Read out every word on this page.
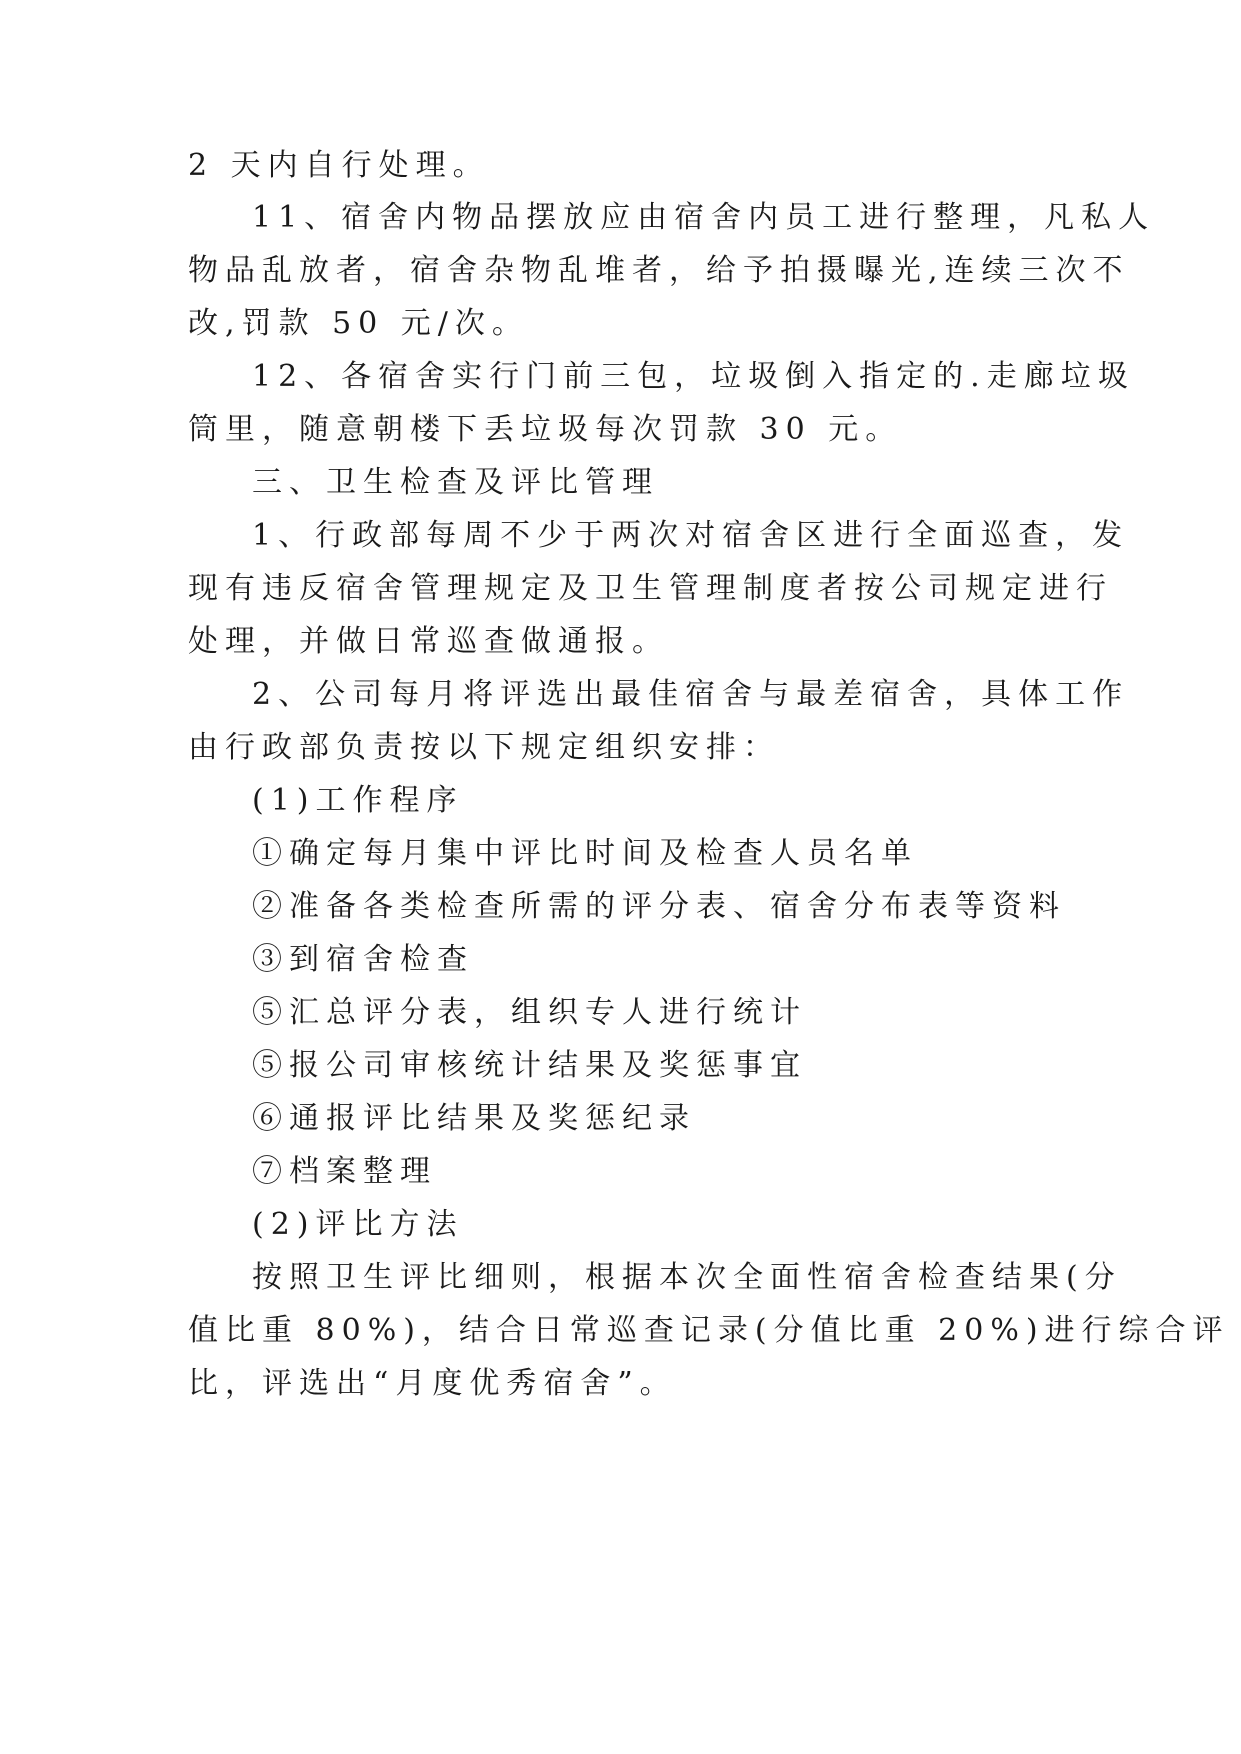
2 天内自行处理。
11、宿舍内物品摆放应由宿舍内员工进行整理，凡私人
物品乱放者，宿舍杂物乱堆者，给予拍摄曝光,连续三次不
改,罚款 50 元/次。
12、各宿舍实行门前三包，垃圾倒入指定的.走廊垃圾
筒里，随意朝楼下丢垃圾每次罚款 30 元。
三、卫生检查及评比管理
1、行政部每周不少于两次对宿舍区进行全面巡查，发
现有违反宿舍管理规定及卫生管理制度者按公司规定进行
处理，并做日常巡查做通报。
2、公司每月将评选出最佳宿舍与最差宿舍，具体工作
由行政部负责按以下规定组织安排：
(1)工作程序
①确定每月集中评比时间及检查人员名单
②准备各类检查所需的评分表、宿舍分布表等资料
③到宿舍检查
⑤汇总评分表，组织专人进行统计
⑤报公司审核统计结果及奖惩事宜
⑥通报评比结果及奖惩纪录
⑦档案整理
(2)评比方法
按照卫生评比细则，根据本次全面性宿舍检查结果(分
值比重 80%)，结合日常巡查记录(分值比重 20%)进行综合评
比，评选出“月度优秀宿舍”。
